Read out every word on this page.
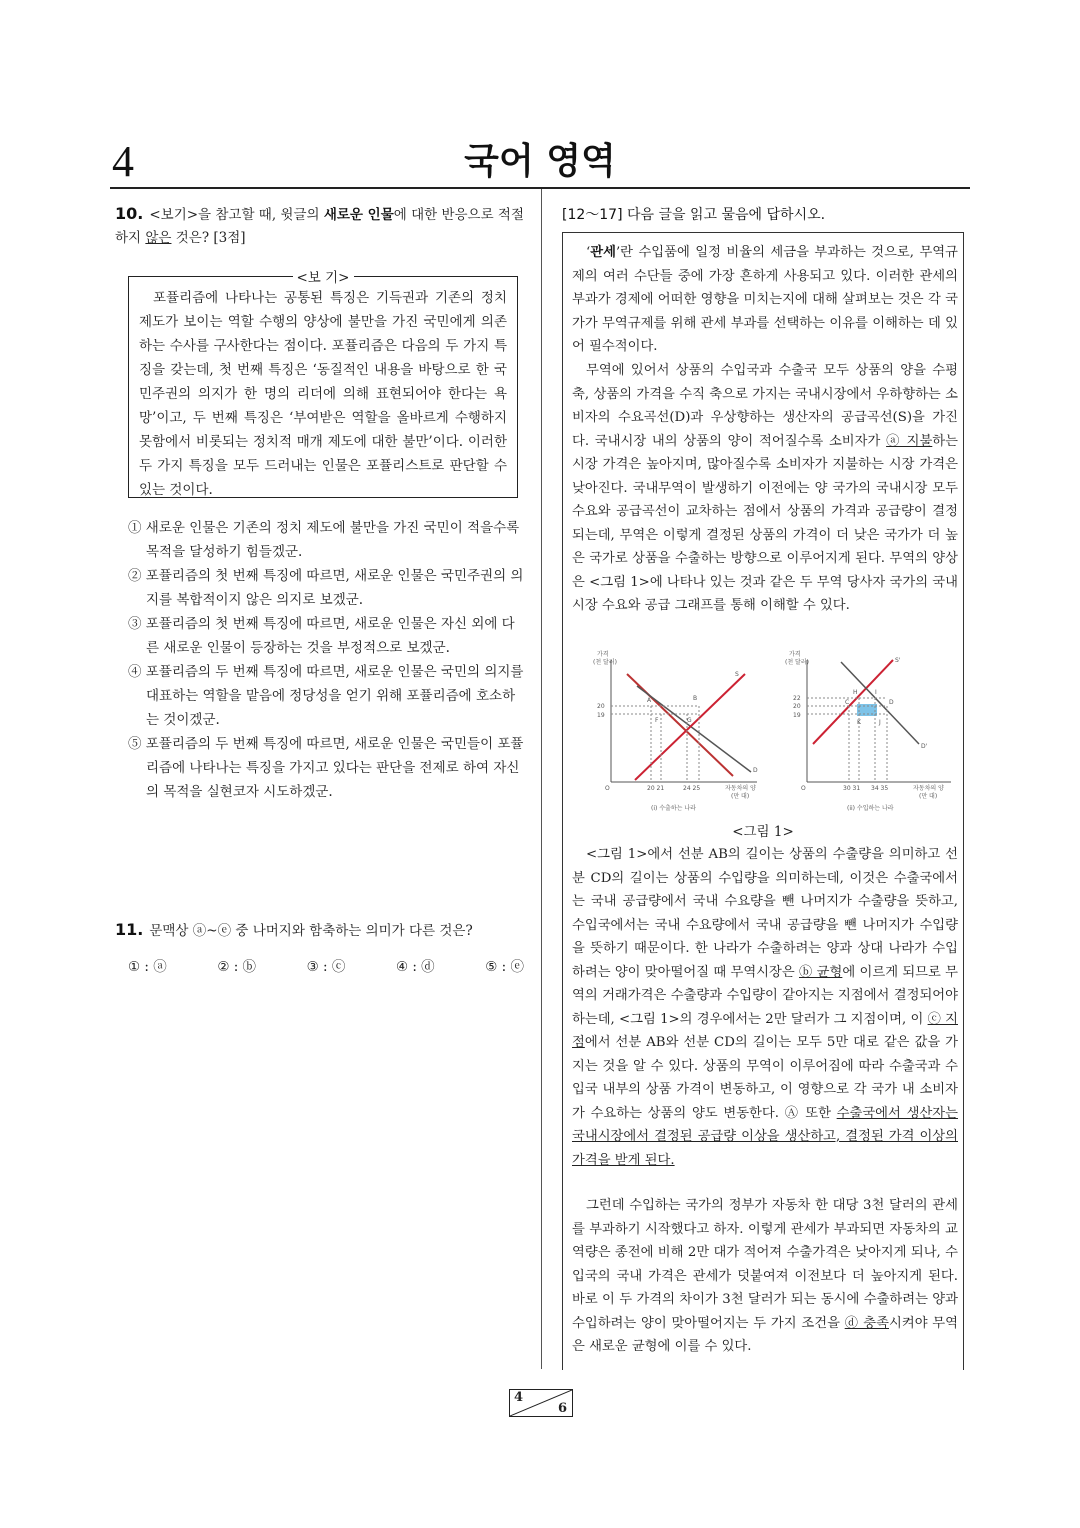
4	국어 영역
10. <보기>을 참고할 때, 윗글의 새로운 인물에 대한 반응으로 적절하지 않은 것은? [3점]
<보 기>
포퓰리즘에 나타나는 공통된 특징은 기득권과 기존의 정치 제도가 보이는 역할 수행의 양상에 불만을 가진 국민에게 의존하는 수사를 구사한다는 점이다. 포퓰리즘은 다음의 두 가지 특징을 갖는데, 첫 번째 특징은 ‘동질적인 내용을 바탕으로 한 국민주권의 의지가 한 명의 리더에 의해 표현되어야 한다는 욕망’이고, 두 번째 특징은 ‘부여받은 역할을 올바르게 수행하지 못함에서 비롯되는 정치적 매개 제도에 대한 불만’이다. 이러한 두 가지 특징을 모두 드러내는 인물은 포퓰리스트로 판단할 수 있는 것이다.
① 새로운 인물은 기존의 정치 제도에 불만을 가진 국민이 적을수록 목적을 달성하기 힘들겠군.
② 포퓰리즘의 첫 번째 특징에 따르면, 새로운 인물은 국민주권의 의지를 복합적이지 않은 의지로 보겠군.
③ 포퓰리즘의 첫 번째 특징에 따르면, 새로운 인물은 자신 외에 다른 새로운 인물이 등장하는 것을 부정적으로 보겠군.
④ 포퓰리즘의 두 번째 특징에 따르면, 새로운 인물은 국민의 의지를 대표하는 역할을 맡음에 정당성을 얻기 위해 포퓰리즘에 호소하는 것이겠군.
⑤ 포퓰리즘의 두 번째 특징에 따르면, 새로운 인물은 국민들이 포퓰리즘에 나타나는 특징을 가지고 있다는 판단을 전제로 하여 자신의 목적을 실현코자 시도하겠군.
11. 문맥상 ⓐ~ⓔ 중 나머지와 함축하는 의미가 다른 것은?
① : ⓐ	② : ⓑ	③ : ⓒ	④ : ⓓ	⑤ : ⓔ
[12～17] 다음 글을 읽고 물음에 답하시오.

‘관세’란 수입품에 일정 비율의 세금을 부과하는 것으로, 무역규제의 여러 수단들 중에 가장 흔하게 사용되고 있다. 이러한 관세의 부과가 경제에 어떠한 영향을 미치는지에 대해 살펴보는 것은 각 국가가 무역규제를 위해 관세 부과를 선택하는 이유를 이해하는 데 있어 필수적이다.

무역에 있어서 상품의 수입국과 수출국 모두 상품의 양을 수평 축, 상품의 가격을 수직 축으로 가지는 국내시장에서 우하향하는 소비자의 수요곡선(D)과 우상향하는 생산자의 공급곡선(S)을 가진다. 국내시장 내의 상품의 양이 적어질수록 소비자가 ⓐ 지불하는 시장 가격은 높아지며, 많아질수록 소비자가 지불하는 시장 가격은 낮아진다. 국내무역이 발생하기 이전에는 양 국가의 국내시장 모두 수요와 공급곡선이 교차하는 점에서 상품의 가격과 공급량이 결정되는데, 무역은 이렇게 결정된 상품의 가격이 더 낮은 국가가 더 높은 국가로 상품을 수출하는 방향으로 이루어지게 된다. 무역의 양상은 <그림 1>에 나타나 있는 것과 같은 두 무역 당사자 국가의 국내시장 수요와 공급 그래프를 통해 이해할 수 있다.

가격
(천 달러)
S
D
20
19
A	B
F	G
O	20 21	24 25	자동차의 양
(만 대)
(i) 수출하는 나라
가격
(천 달러)	S'
D'
22
20
19
H	I
C	D
K	J
O	30 31 34 35	자동차의 양
(만 대)
(ii) 수입하는 나라
<그림 1>

<그림 1>에서 선분 AB의 길이는 상품의 수출량을 의미하고 선분 CD의 길이는 상품의 수입량을 의미하는데, 이것은 수출국에서는 국내 공급량에서 국내 수요량을 뺀 나머지가 수출량을 뜻하고, 수입국에서는 국내 수요량에서 국내 공급량을 뺀 나머지가 수입량을 뜻하기 때문이다. 한 나라가 수출하려는 양과 상대 나라가 수입하려는 양이 맞아떨어질 때 무역시장은 ⓑ 균형에 이르게 되므로 무역의 거래가격은 수출량과 수입량이 같아지는 지점에서 결정되어야 하는데, <그림 1>의 경우에서는 2만 달러가 그 지점이며, 이 ⓒ 지점에서 선분 AB와 선분 CD의 길이는 모두 5만 대로 같은 값을 가지는 것을 알 수 있다. 상품의 무역이 이루어짐에 따라 수출국과 수입국 내부의 상품 가격이 변동하고, 이 영향으로 각 국가 내 소비자가 수요하는 상품의 양도 변동한다. Ⓐ 또한 수출국에서 생산자는 국내시장에서 결정된 공급량 이상을 생산하고, 결정된 가격 이상의 가격을 받게 된다.

그런데 수입하는 국가의 정부가 자동차 한 대당 3천 달러의 관세를 부과하기 시작했다고 하자. 이렇게 관세가 부과되면 자동차의 교역량은 종전에 비해 2만 대가 적어져 수출가격은 낮아지게 되나, 수입국의 국내 가격은 관세가 덧붙여져 이전보다 더 높아지게 된다. 바로 이 두 가격의 차이가 3천 달러가 되는 동시에 수출하려는 양과 수입하려는 양이 맞아떨어지는 두 가지 조건을 ⓓ 충족시켜야 무역은 새로운 균형에 이를 수 있다.

4
6
